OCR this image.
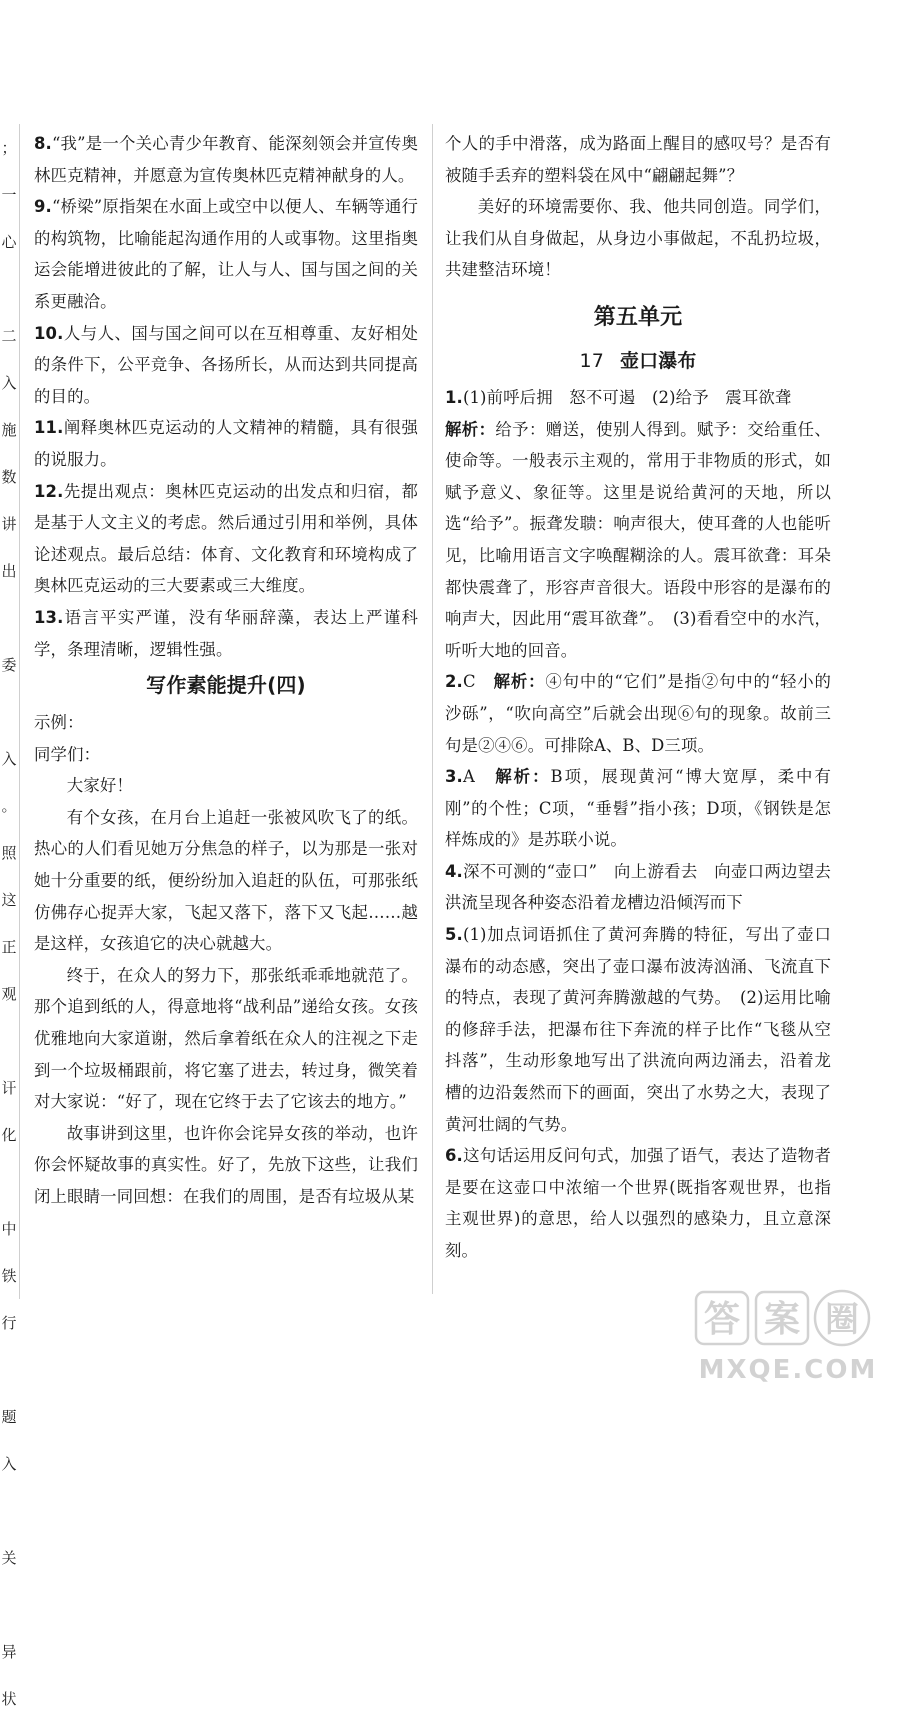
；
一
心

二
入
施
数
讲
出

委

入
。
照
这
正
观

讦
化

中
铁
行

题
入

关

异
状

8.“我”是一个关心青少年教育、能深刻领会并宣传奥林匹克精神，并愿意为宣传奥林匹克精神献身的人。

9.“桥梁”原指架在水面上或空中以便人、车辆等通行的构筑物，比喻能起沟通作用的人或事物。这里指奥运会能增进彼此的了解，让人与人、国与国之间的关系更融洽。

10.人与人、国与国之间可以在互相尊重、友好相处的条件下，公平竞争、各扬所长，从而达到共同提高的目的。

11.阐释奥林匹克运动的人文精神的精髓，具有很强的说服力。

12.先提出观点：奥林匹克运动的出发点和归宿，都是基于人文主义的考虑。然后通过引用和举例，具体论述观点。最后总结：体育、文化教育和环境构成了奥林匹克运动的三大要素或三大维度。

13.语言平实严谨，没有华丽辞藻，表达上严谨科学，条理清晰，逻辑性强。

写作素能提升(四)

示例：

同学们：

大家好！

有个女孩，在月台上追赶一张被风吹飞了的纸。热心的人们看见她万分焦急的样子，以为那是一张对她十分重要的纸，便纷纷加入追赶的队伍，可那张纸仿佛存心捉弄大家，飞起又落下，落下又飞起……越是这样，女孩追它的决心就越大。

终于，在众人的努力下，那张纸乖乖地就范了。那个追到纸的人，得意地将“战利品”递给女孩。女孩优雅地向大家道谢，然后拿着纸在众人的注视之下走到一个垃圾桶跟前，将它塞了进去，转过身，微笑着对大家说：“好了，现在它终于去了它该去的地方。”

故事讲到这里，也许你会诧异女孩的举动，也许你会怀疑故事的真实性。好了，先放下这些，让我们闭上眼睛一同回想：在我们的周围，是否有垃圾从某

个人的手中滑落，成为路面上醒目的感叹号？是否有被随手丢弃的塑料袋在风中“翩翩起舞”？

美好的环境需要你、我、他共同创造。同学们，让我们从自身做起，从身边小事做起，不乱扔垃圾，共建整洁环境！

第五单元
17 壶口瀑布

1.(1)前呼后拥　怒不可遏　(2)给予　震耳欲聋

解析：给予：赠送，使别人得到。赋予：交给重任、使命等。一般表示主观的，常用于非物质的形式，如赋予意义、象征等。这里是说给黄河的天地，所以选“给予”。振聋发聩：响声很大，使耳聋的人也能听见，比喻用语言文字唤醒糊涂的人。震耳欲聋：耳朵都快震聋了，形容声音很大。语段中形容的是瀑布的响声大，因此用“震耳欲聋”。　(3)看看空中的水汽，听听大地的回音。

2.C　解析：④句中的“它们”是指②句中的“轻小的沙砾”，“吹向高空”后就会出现⑥句的现象。故前三句是②④⑥。可排除A、B、D三项。

3.A　解析：B项，展现黄河“博大宽厚，柔中有刚”的个性；C项，“垂髫”指小孩；D项，《钢铁是怎样炼成的》是苏联小说。

4.深不可测的“壶口”　向上游看去　向壶口两边望去　洪流呈现各种姿态沿着龙槽边沿倾泻而下

5.(1)加点词语抓住了黄河奔腾的特征，写出了壶口瀑布的动态感，突出了壶口瀑布波涛汹涌、飞流直下的特点，表现了黄河奔腾激越的气势。　(2)运用比喻的修辞手法，把瀑布往下奔流的样子比作“飞毯从空抖落”，生动形象地写出了洪流向两边涌去，沿着龙槽的边沿轰然而下的画面，突出了水势之大，表现了黄河壮阔的气势。

6.这句话运用反问句式，加强了语气，表达了造物者是要在这壶口中浓缩一个世界(既指客观世界，也指主观世界)的意思，给人以强烈的感染力，且立意深刻。

答 案 圈
MXQE.COM
